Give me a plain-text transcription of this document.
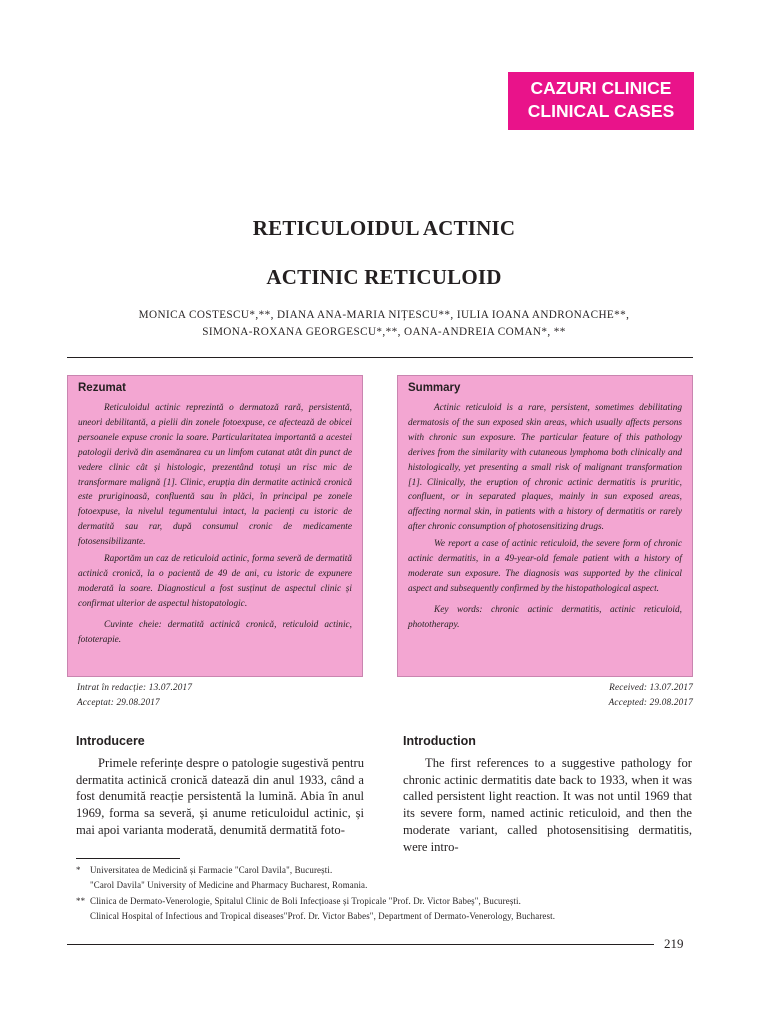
CAZURI CLINICE
CLINICAL CASES
RETICULOIDUL ACTINIC
ACTINIC RETICULOID
MONICA COSTESCU*,**, DIANA ANA-MARIA NIȚESCU**, IULIA IOANA ANDRONACHE**,
SIMONA-ROXANA GEORGESCU*,**, OANA-ANDREIA COMAN*, **
Rezumat

Reticuloidul actinic reprezintă o dermatoză rară, persistentă, uneori debilitantă, a pielii din zonele fotoexpuse, ce afectează de obicei persoanele expuse cronic la soare. Particularitatea importantă a acestei patologii derivă din asemănarea cu un limfom cutanat atât din punct de vedere clinic cât și histologic, prezentând totuși un risc mic de transformare malignă [1]. Clinic, erupția din dermatite actinică cronică este pruriginoasă, confluentă sau în plăci, în principal pe zonele fotoexpuse, la nivelul tegumentului intact, la pacienți cu istoric de dermatită sau rar, după consumul cronic de medicamente fotosensibilizante.

Raportăm un caz de reticuloid actinic, forma severă de dermatită actinică cronică, la o pacientă de 49 de ani, cu istoric de expunere moderată la soare. Diagnosticul a fost susținut de aspectul clinic și confirmat ulterior de aspectul histopatologic.

Cuvinte cheie: dermatită actinică cronică, reticuloid actinic, fototerapie.

Summary

Actinic reticuloid is a rare, persistent, sometimes debilitating dermatosis of the sun exposed skin areas, which usually affects persons with chronic sun exposure. The particular feature of this pathology derives from the similarity with cutaneous lymphoma both clinically and histologically, yet presenting a small risk of malignant transformation [1]. Clinically, the eruption of chronic actinic dermatitis is pruritic, confluent, or in separated plaques, mainly in sun exposed areas, affecting normal skin, in patients with a history of dermatitis or rarely after chronic consumption of photosensitizing drugs.

We report a case of actinic reticuloid, the severe form of chronic actinic dermatitis, in a 49-year-old female patient with a history of moderate sun exposure. The diagnosis was supported by the clinical aspect and subsequently confirmed by the histopathological aspect.

Key words: chronic actinic dermatitis, actinic reticuloid, phototherapy.

Intrat în redacție: 13.07.2017
Acceptat: 29.08.2017
Received: 13.07.2017
Accepted: 29.08.2017
Introducere

Primele referințe despre o patologie sugestivă pentru dermatita actinică cronică datează din anul 1933, când a fost denumită reacție persistentă la lumină. Abia în anul 1969, forma sa severă, și anume reticuloidul actinic, și mai apoi varianta moderată, denumită dermatită foto-

Introduction

The first references to a suggestive pathology for chronic actinic dermatitis date back to 1933, when it was called persistent light reaction. It was not until 1969 that its severe form, named actinic reticuloid, and then the moderate variant, called photosensitising dermatitis, were intro-

* Universitatea de Medicină și Farmacie "Carol Davila", București.
"Carol Davila" University of Medicine and Pharmacy Bucharest, Romania.
** Clinica de Dermato-Venerologie, Spitalul Clinic de Boli Infecțioase și Tropicale "Prof. Dr. Victor Babeș", București.
Clinical Hospital of Infectious and Tropical diseases"Prof. Dr. Victor Babes", Department of Dermato-Venerology, Bucharest.
219
